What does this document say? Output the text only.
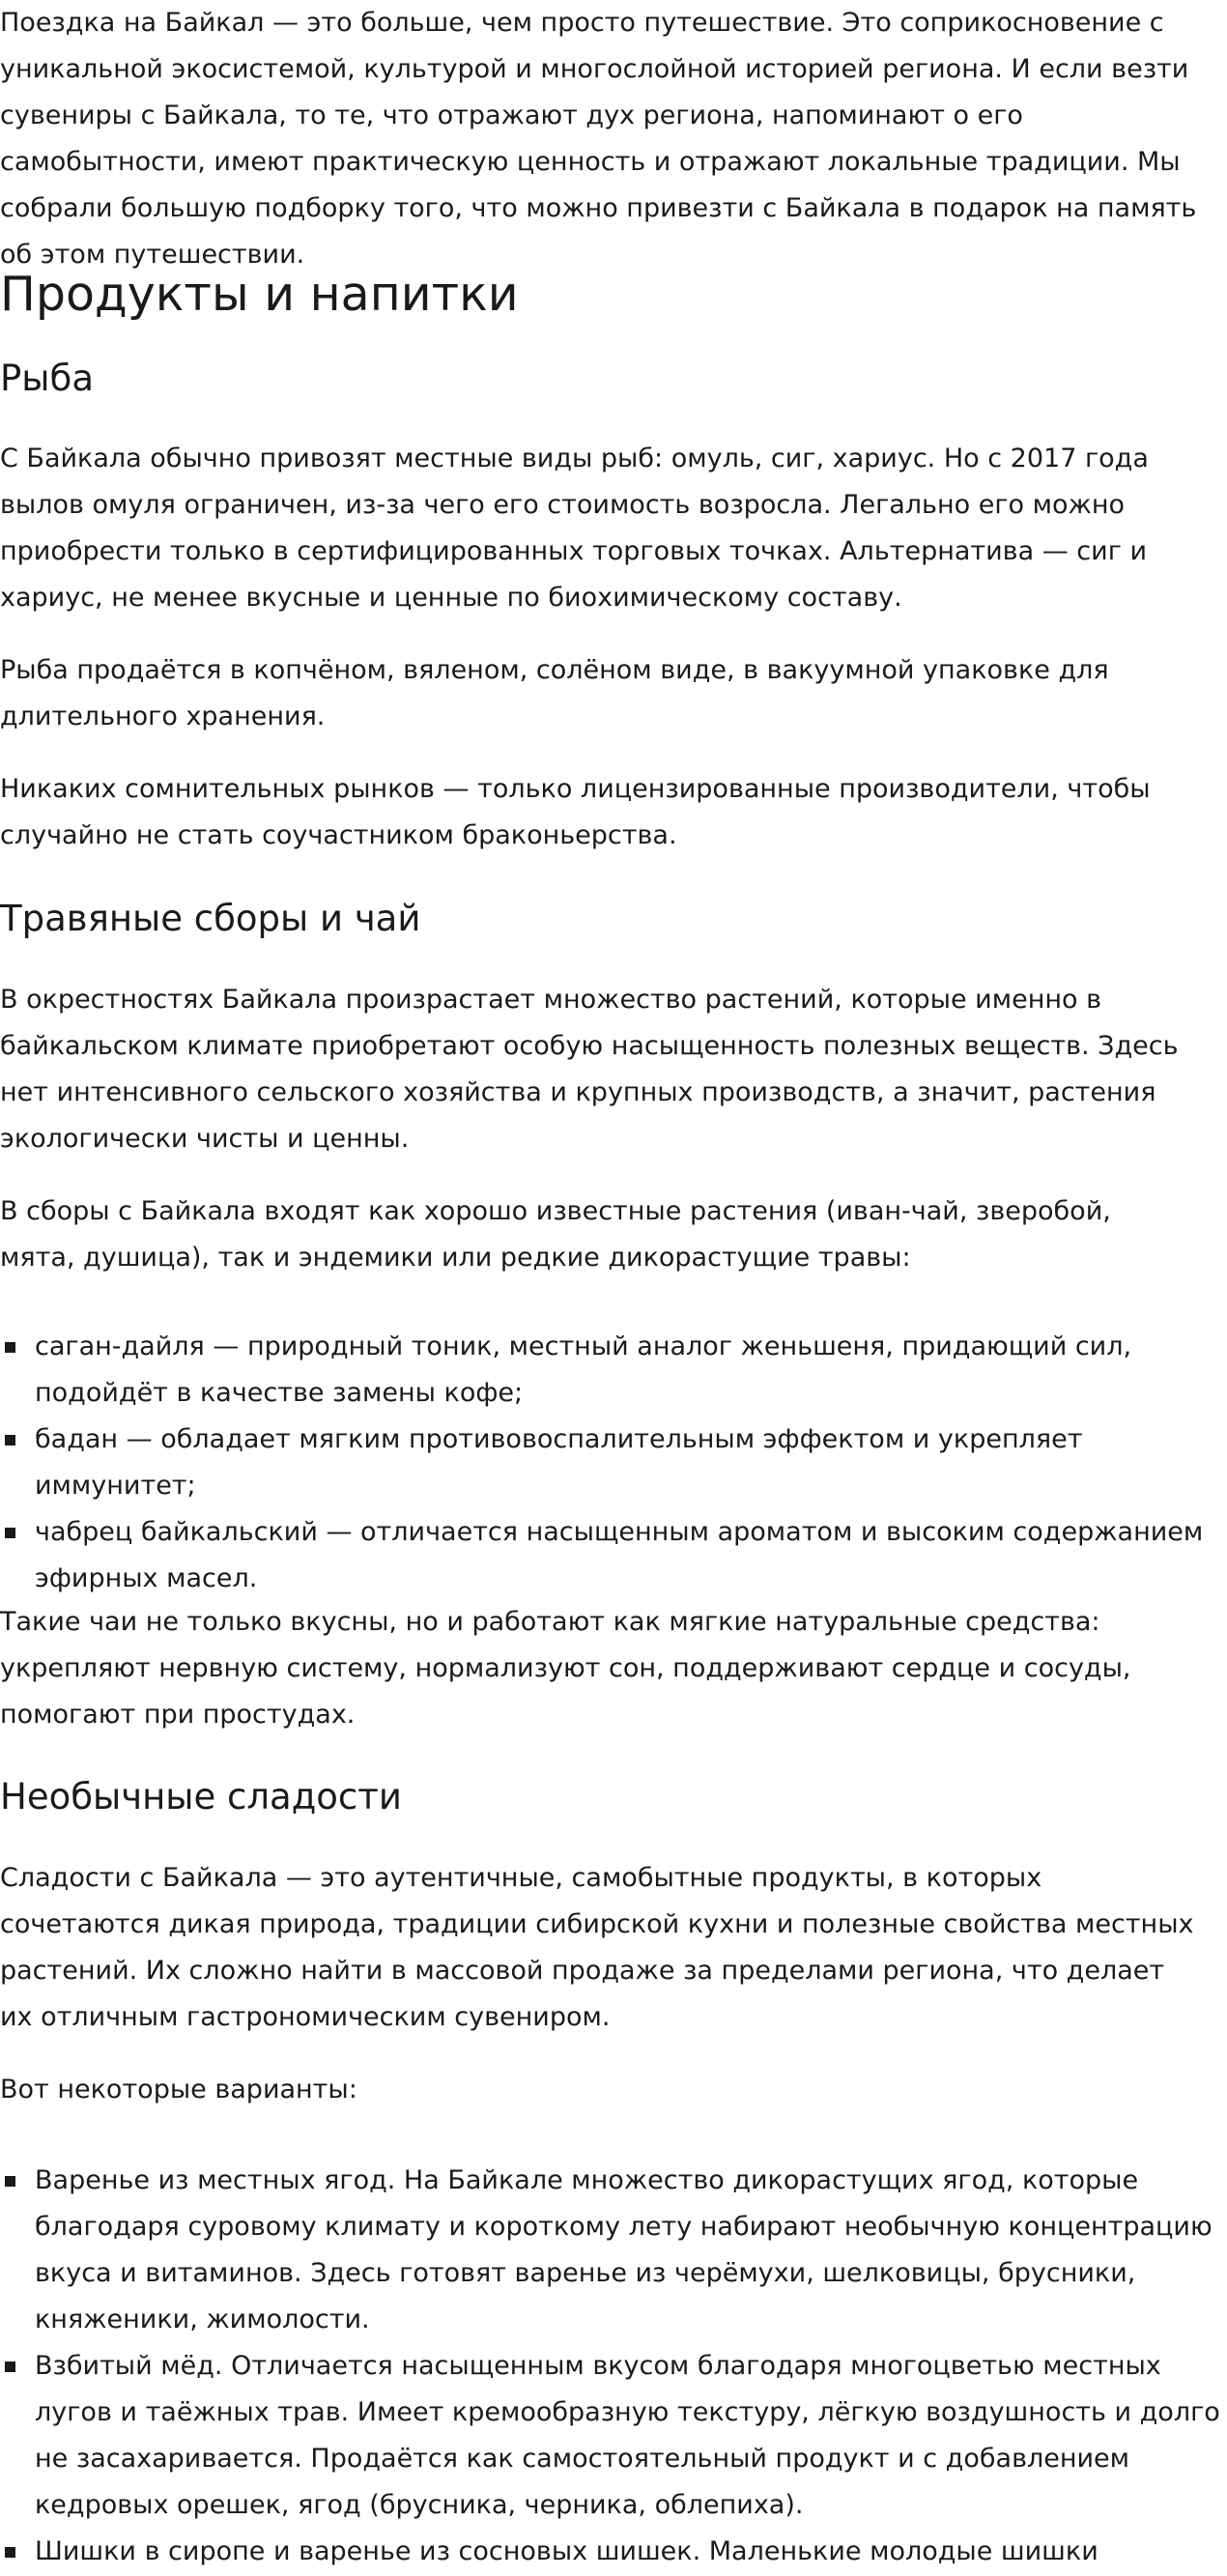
Поездка на Байкал — это больше, чем просто путешествие. Это соприкосновение с уникальной экосистемой, культурой и многослойной историей региона. И если везти сувениры с Байкала, то те, что отражают дух региона, напоминают о его самобытности, имеют практическую ценность и отражают локальные традиции. Мы собрали большую подборку того, что можно привезти с Байкала в подарок на память об этом путешествии.

Продукты и напитки
Рыба

С Байкала обычно привозят местные виды рыб: омуль, сиг, хариус. Но с 2017 года вылов омуля ограничен, из-за чего его стоимость возросла. Легально его можно приобрести только в сертифицированных торговых точках. Альтернатива — сиг и хариус, не менее вкусные и ценные по биохимическому составу.

Рыба продаётся в копчёном, вяленом, солёном виде, в вакуумной упаковке для длительного хранения.

Никаких сомнительных рынков — только лицензированные производители, чтобы случайно не стать соучастником браконьерства.

Травяные сборы и чай

В окрестностях Байкала произрастает множество растений, которые именно в байкальском климате приобретают особую насыщенность полезных веществ. Здесь нет интенсивного сельского хозяйства и крупных производств, а значит, растения экологически чисты и ценны.

В сборы с Байкала входят как хорошо известные растения (иван-чай, зверобой, мята, душица), так и эндемики или редкие дикорастущие травы:

саган-дайля — природный тоник, местный аналог женьшеня, придающий сил, подойдёт в качестве замены кофе;
бадан — обладает мягким противовоспалительным эффектом и укрепляет иммунитет;
чабрец байкальский — отличается насыщенным ароматом и высоким содержанием эфирных масел.

Такие чаи не только вкусны, но и работают как мягкие натуральные средства: укрепляют нервную систему, нормализуют сон, поддерживают сердце и сосуды, помогают при простудах.

Необычные сладости

Сладости с Байкала — это аутентичные, самобытные продукты, в которых сочетаются дикая природа, традиции сибирской кухни и полезные свойства местных растений. Их сложно найти в массовой продаже за пределами региона, что делает их отличным гастрономическим сувениром.

Вот некоторые варианты:

Варенье из местных ягод. На Байкале множество дикорастущих ягод, которые благодаря суровому климату и короткому лету набирают необычную концентрацию вкуса и витаминов. Здесь готовят варенье из черёмухи, шелковицы, брусники, княженики, жимолости.
Взбитый мёд. Отличается насыщенным вкусом благодаря многоцветью местных лугов и таёжных трав. Имеет кремообразную текстуру, лёгкую воздушность и долго не засахаривается. Продаётся как самостоятельный продукт и с добавлением кедровых орешек, ягод (брусника, черника, облепиха).
Шишки в сиропе и варенье из сосновых шишек. Маленькие молодые шишки
